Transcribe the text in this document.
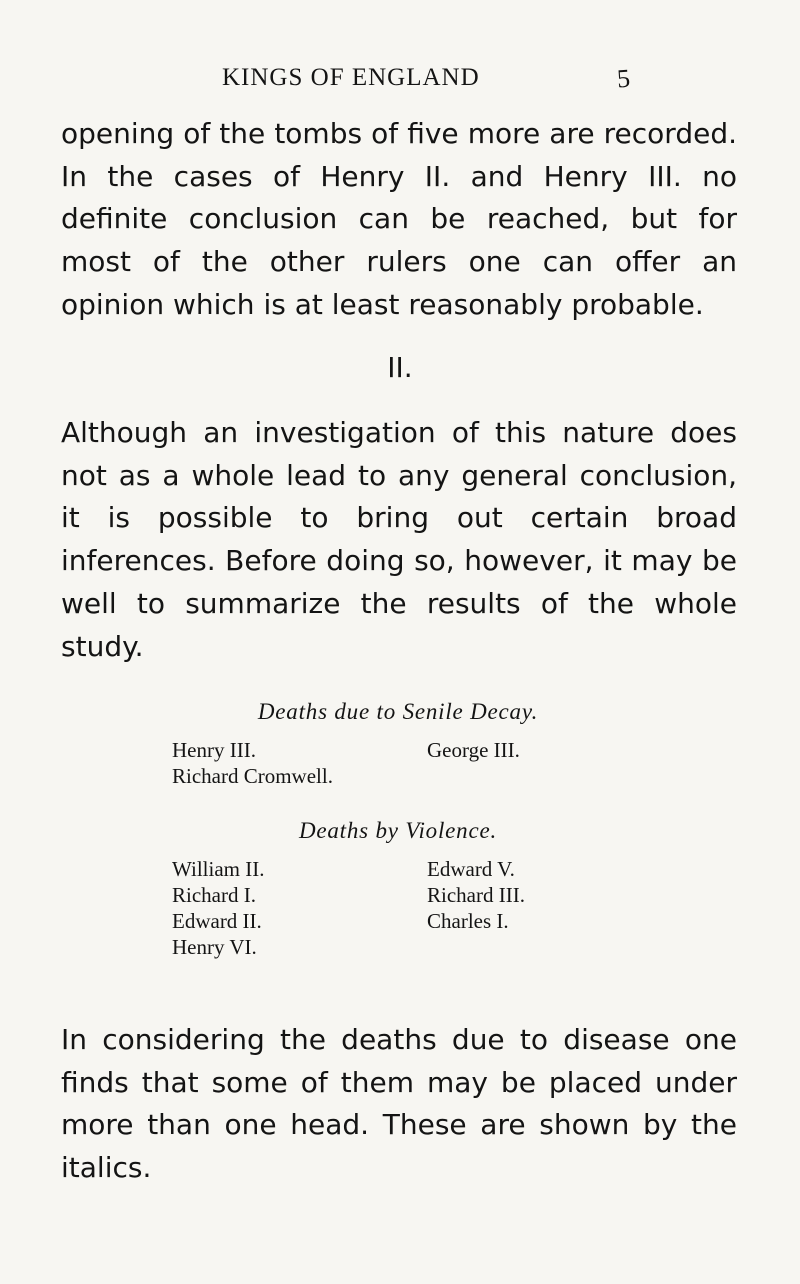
KINGS OF ENGLAND	5

opening of the tombs of five more are recorded. In the cases of Henry II. and Henry III. no definite conclusion can be reached, but for most of the other rulers one can offer an opinion which is at least reasonably probable.

II.

Although an investigation of this nature does not as a whole lead to any general conclusion, it is possible to bring out certain broad inferences. Before doing so, however, it may be well to summarize the results of the whole study.

Deaths due to Senile Decay.
Henry III.
Richard Cromwell.
George III.
Deaths by Violence.
William II.
Richard I.
Edward II.
Henry VI.
Edward V.
Richard III.
Charles I.

In considering the deaths due to disease one finds that some of them may be placed under more than one head. These are shown by the italics.
